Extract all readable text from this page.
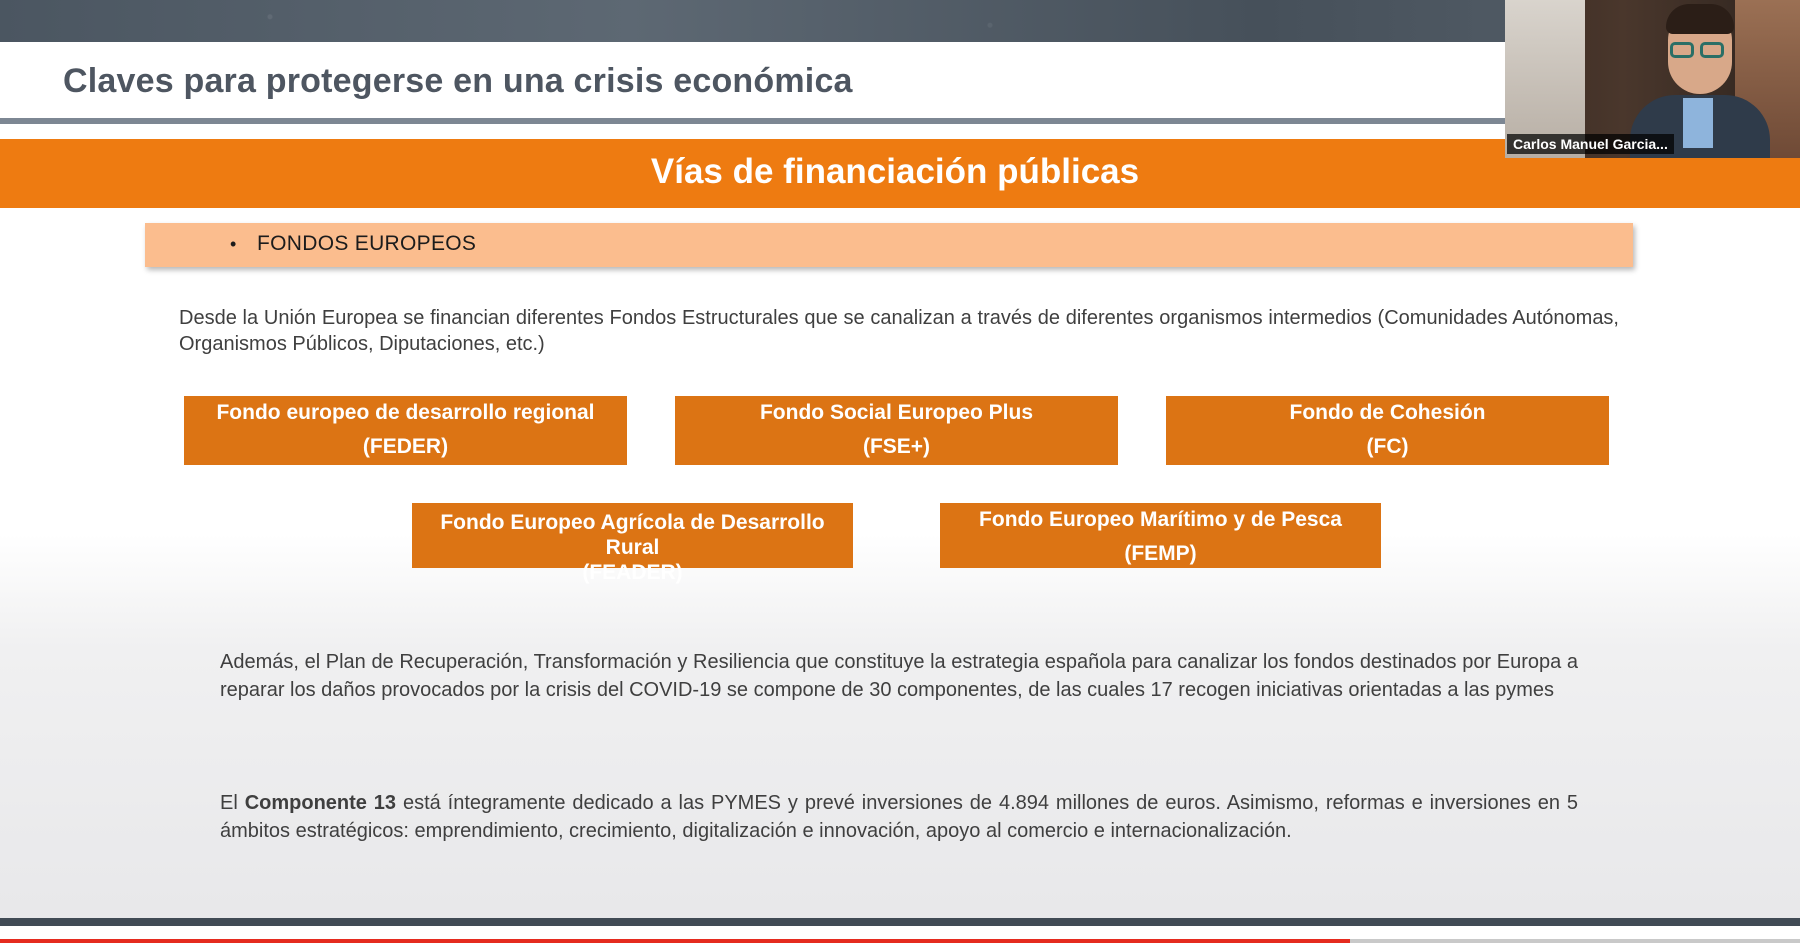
Claves para protegerse en una crisis económica
Vías de financiación públicas
• FONDOS EUROPEOS
Desde la Unión Europea se financian diferentes Fondos Estructurales que se canalizan a través de diferentes organismos intermedios (Comunidades Autónomas, Organismos Públicos, Diputaciones, etc.)
Fondo europeo de desarrollo regional
(FEDER)
Fondo Social Europeo Plus
(FSE+)
Fondo de Cohesión
(FC)
Fondo Europeo Agrícola de Desarrollo Rural
(FEADER)
Fondo Europeo Marítimo y de Pesca
(FEMP)
Además, el Plan de Recuperación, Transformación y Resiliencia que constituye la estrategia española para canalizar los fondos destinados por Europa a reparar los daños provocados por la crisis del COVID-19 se compone de 30 componentes, de las cuales 17 recogen iniciativas orientadas a las pymes
El Componente 13 está íntegramente dedicado a las PYMES y prevé inversiones de 4.894 millones de euros. Asimismo, reformas e inversiones en 5 ámbitos estratégicos: emprendimiento, crecimiento, digitalización e innovación, apoyo al comercio e internacionalización.
Carlos Manuel Garcia...
